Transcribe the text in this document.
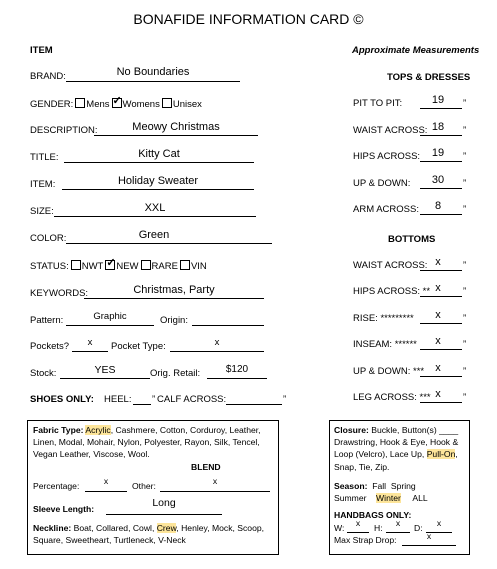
BONAFIDE INFORMATION CARD ©
ITEM	Approximate Measurements
TOPS & DRESSES
BOTTOMS
BRAND:	No Boundaries
GENDER: Mens ✓ Womens Unisex
DESCRIPTION:	Meowy Christmas
TITLE:	Kitty Cat
ITEM:	Holiday Sweater
SIZE:	XXL
COLOR:	Green
STATUS: NWT ✓ NEW RARE VIN
KEYWORDS:	Christmas, Party
Pattern:	Graphic	Origin:
Pockets?	x	Pocket Type:	x
Stock:	YES	Orig. Retail:	$120
SHOES ONLY: HEEL: ” CALF ACROSS:	”
PIT TO PIT:	19	”
WAIST ACROSS: 18	”
HIPS ACROSS:	19	”
UP & DOWN:	30	”
ARM ACROSS:	8	”
WAIST ACROSS: x	”
HIPS ACROSS: ** x	”
RISE: *********	x	”
INSEAM: ******	x	”
UP & DOWN: ***	x	”
LEG ACROSS: *** x	”
Fabric Type: Acrylic, Cashmere, Cotton, Corduroy, Leather, Linen, Modal, Mohair, Nylon, Polyester, Rayon, Silk, Tencel, Vegan Leather, Viscose, Wool.
BLEND
Percentage:	x	Other:	x
Sleeve Length:	Long
Neckline: Boat, Collared, Cowl, Crew, Henley, Mock, Scoop, Square, Sweetheart, Turtleneck, V-Neck
Closure: Buckle, Button(s) ____ Drawstring, Hook & Eye, Hook & Loop (Velcro), Lace Up, Pull-On, Snap, Tie, Zip.
Season: Fall Spring
Summer Winter ALL
HANDBAGS ONLY:
W:	x	H:	x	D:	x
Max Strap Drop:	x
